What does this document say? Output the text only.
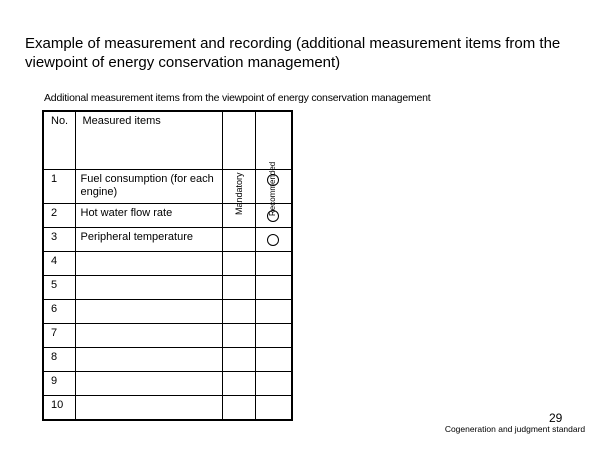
Example of measurement and recording (additional measurement items from the viewpoint of energy conservation management)
Additional measurement items from the viewpoint of energy conservation management
No.	Measured items	Mandatory	Recommended

1	Fuel consumption (for each engine)		

2	Hot water flow rate		

3	Peripheral temperature		

4			

5			

6			

7			

8			

9			

10			

29
Cogeneration and judgment standard
